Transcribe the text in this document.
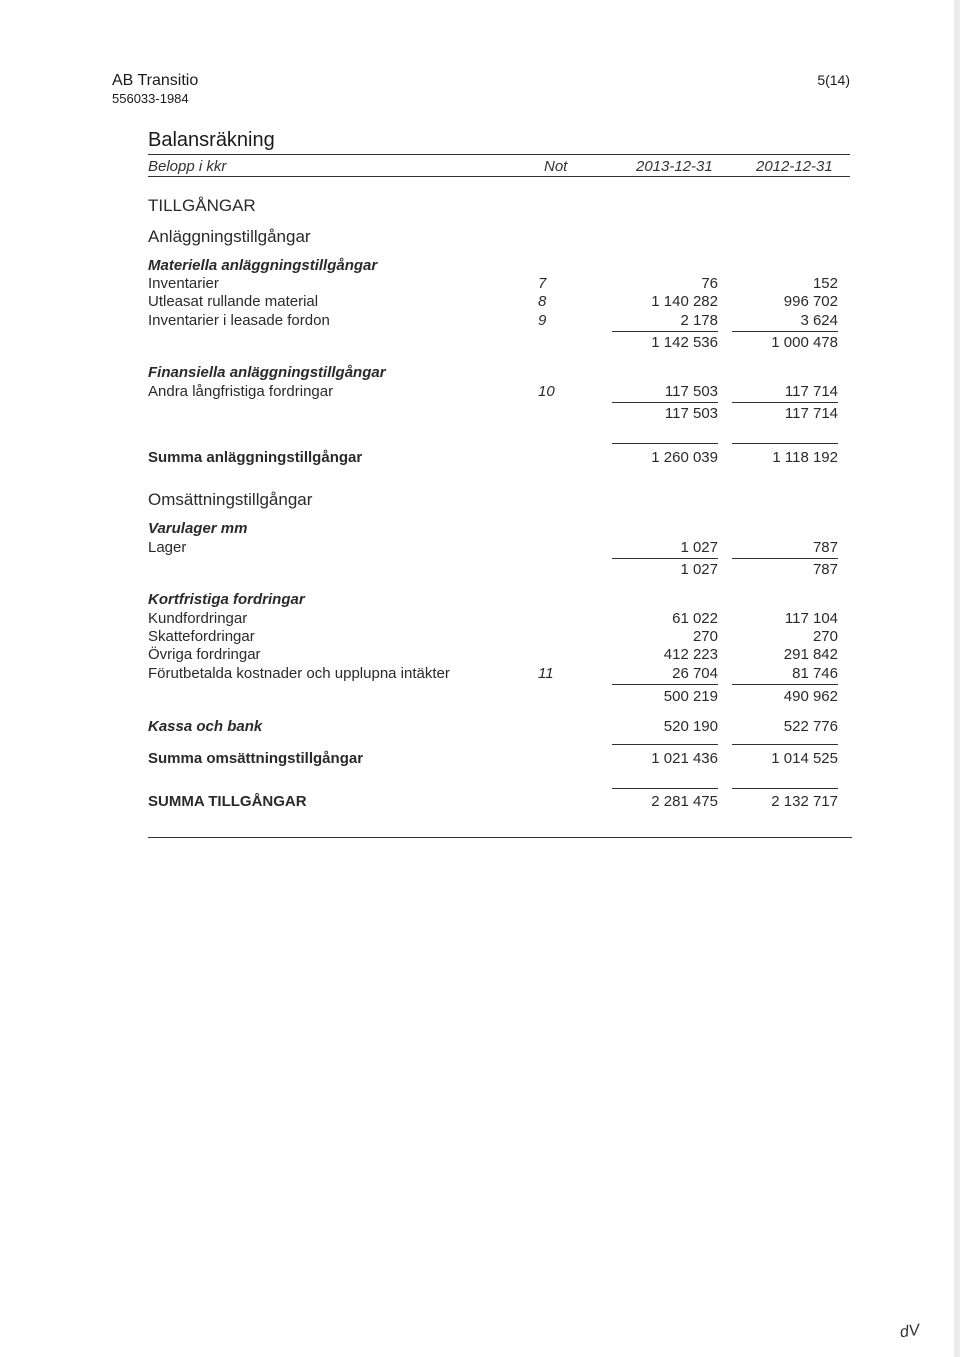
AB Transitio
556033-1984
5(14)
Balansräkning
Belopp i kkr	Not	2013-12-31	2012-12-31
TILLGÅNGAR
Anläggningstillgångar
Materiella anläggningstillgångar
Inventarier	7	76	152
Utleasat rullande material	8	1 140 282	996 702
Inventarier i leasade fordon	9	2 178	3 624
1 142 536	1 000 478
Finansiella anläggningstillgångar
Andra långfristiga fordringar	10	117 503	117 714
117 503	117 714
Summa anläggningstillgångar	1 260 039	1 118 192
Omsättningstillgångar
Varulager mm
Lager	1 027	787
1 027	787
Kortfristiga fordringar
Kundfordringar	61 022	117 104
Skattefordringar	270	270
Övriga fordringar	412 223	291 842
Förutbetalda kostnader och upplupna intäkter	11	26 704	81 746
500 219	490 962
Kassa och bank	520 190	522 776
Summa omsättningstillgångar	1 021 436	1 014 525
SUMMA TILLGÅNGAR	2 281 475	2 132 717
dV
